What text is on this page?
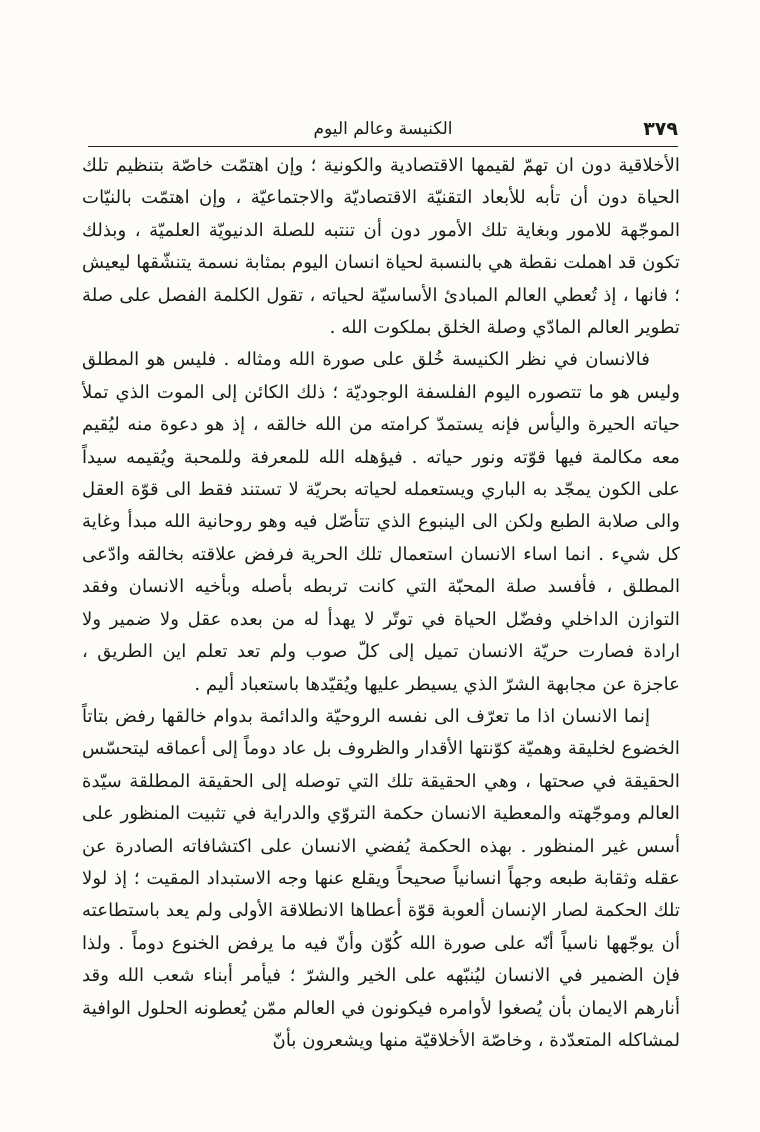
الكنيسة وعالم اليوم	٣٧٩

الأخلاقية دون ان تهمّ لقيمها الاقتصادية والكونية ؛ وإن اهتمّت خاصّة بتنظيم تلك الحياة دون أن تأبه للأبعاد التقنيّة الاقتصاديّة والاجتماعيّة ، وإن اهتمّت بالنيّات الموجّهة للامور وبغاية تلك الأمور دون أن تنتبه للصلة الدنيويّة العلميّة ، وبذلك تكون قد اهملت نقطة هي بالنسبة لحياة انسان اليوم بمثابة نسمة يتنشّقها ليعيش ؛ فانها ، إذ تُعطي العالم المبادئ الأساسيّة لحياته ، تقول الكلمة الفصل على صلة تطوير العالم المادّي وصلة الخلق بملكوت الله .

فالانسان في نظر الكنيسة خُلق على صورة الله ومثاله . فليس هو المطلق وليس هو ما تتصوره اليوم الفلسفة الوجوديّة ؛ ذلك الكائن إلى الموت الذي تملأ حياته الحيرة واليأس فإنه يستمدّ كرامته من الله خالقه ، إذ هو دعوة منه ليُقيم معه مكالمة فيها قوّته ونور حياته . فيؤهله الله للمعرفة وللمحبة ويُقيمه سيداً على الكون يمجّد به الباري ويستعمله لحياته بحريّة لا تستند فقط الى قوّة العقل والى صلابة الطبع ولكن الى الينبوع الذي تتأصّل فيه وهو روحانية الله مبدأ وغاية كل شيء . انما اساء الانسان استعمال تلك الحرية فرفض علاقته بخالقه وادّعى المطلق ، فأفسد صلة المحبّة التي كانت تربطه بأصله وبأخيه الانسان وفقد التوازن الداخلي وفضّل الحياة في توتّر لا يهدأ له من بعده عقل ولا ضمير ولا ارادة فصارت حريّة الانسان تميل إلى كلّ صوب ولم تعد تعلم اين الطريق ، عاجزة عن مجابهة الشرّ الذي يسيطر عليها ويُقيّدها باستعباد أليم .

إنما الانسان اذا ما تعرّف الى نفسه الروحيّة والدائمة بدوام خالقها رفض بتاتاً الخضوع لخليقة وهميّة كوّنتها الأقدار والظروف بل عاد دوماً إلى أعماقه ليتحسّس الحقيقة في صحتها ، وهي الحقيقة تلك التي توصله إلى الحقيقة المطلقة سيّدة العالم وموجّهته والمعطية الانسان حكمة التروّي والدراية في تثبيت المنظور على أسس غير المنظور . بهذه الحكمة يُفضي الانسان على اكتشافاته الصادرة عن عقله وثقابة طبعه وجهاً انسانياً صحيحاً ويقلع عنها وجه الاستبداد المقيت ؛ إذ لولا تلك الحكمة لصار الإنسان ألعوبة قوّة أعطاها الانطلاقة الأولى ولم يعد باستطاعته أن يوجّهها ناسياً أنّه على صورة الله كُوّن وأنّ فيه ما يرفض الخنوع دوماً . ولذا فإن الضمير في الانسان ليُنبّهه على الخير والشرّ ؛ فيأمر أبناء شعب الله وقد أنارهم الايمان بأن يُصغوا لأوامره فيكونون في العالم ممّن يُعطونه الحلول الوافية لمشاكله المتعدّدة ، وخاصّة الأخلاقيّة منها ويشعرون بأنّ
